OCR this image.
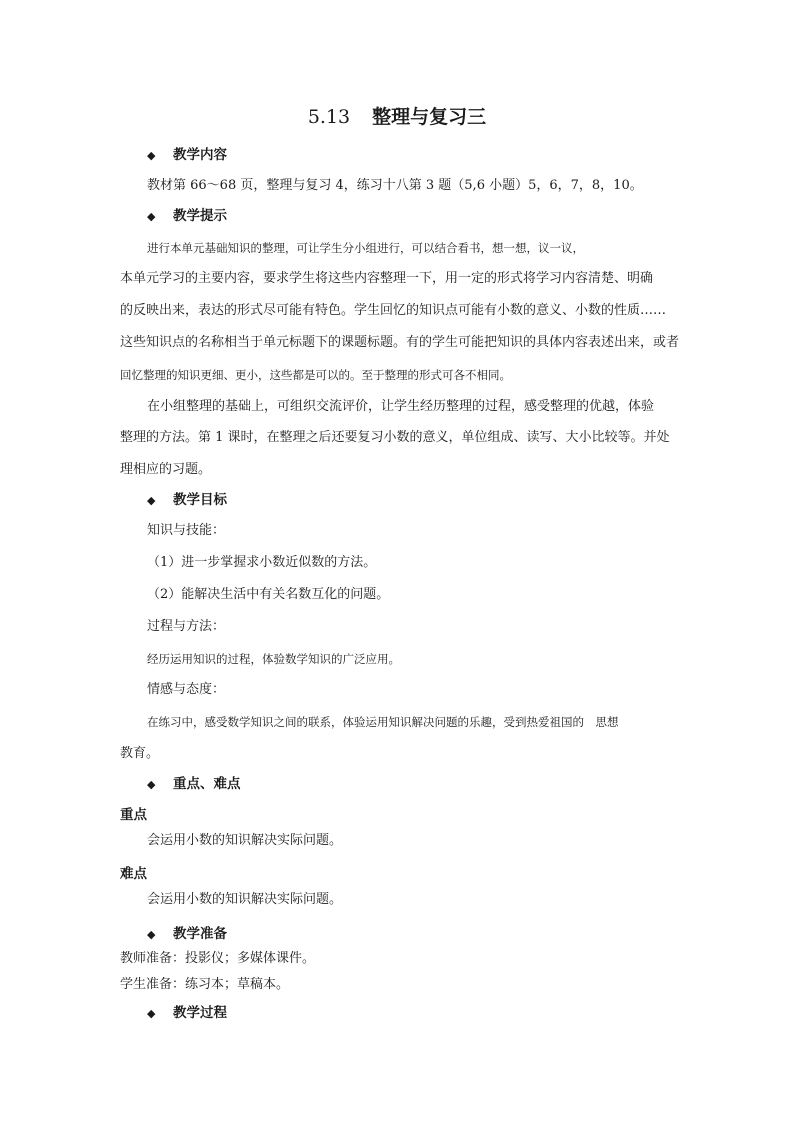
5.13 整理与复习三
◆ 教学内容
教材第 66～68 页，整理与复习 4，练习十八第 3 题（5,6 小题）5，6，7，8，10。
◆ 教学提示
进行本单元基础知识的整理，可让学生分小组进行，可以结合看书，想一想，议一议，
本单元学习的主要内容，要求学生将这些内容整理一下，用一定的形式将学习内容清楚、明确
的反映出来，表达的形式尽可能有特色。学生回忆的知识点可能有小数的意义、小数的性质……
这些知识点的名称相当于单元标题下的课题标题。有的学生可能把知识的具体内容表述出来，或者
回忆整理的知识更细、更小，这些都是可以的。至于整理的形式可各不相同。
在小组整理的基础上，可组织交流评价，让学生经历整理的过程，感受整理的优越，体验
整理的方法。第 1 课时，在整理之后还要复习小数的意义，单位组成、读写、大小比较等。并处
理相应的习题。
◆ 教学目标
知识与技能：
（1）进一步掌握求小数近似数的方法。
（2）能解决生活中有关名数互化的问题。
过程与方法：
经历运用知识的过程，体验数学知识的广泛应用。
情感与态度：
在练习中，感受数学知识之间的联系，体验运用知识解决问题的乐趣，受到热爱祖国的　思想
教育。
◆ 重点、难点
重点
会运用小数的知识解决实际问题。
难点
会运用小数的知识解决实际问题。
◆ 教学准备
教师准备：投影仪；多媒体课件。
学生准备：练习本；草稿本。
◆ 教学过程
